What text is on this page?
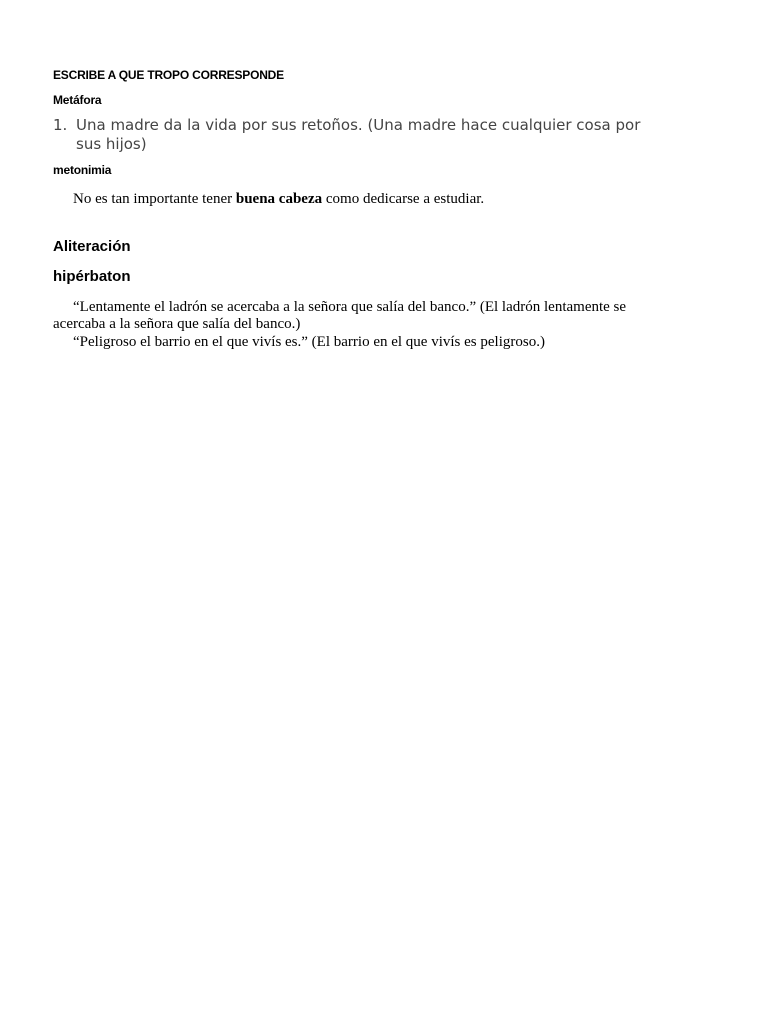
ESCRIBE A QUE TROPO CORRESPONDE

Metáfora

1. Una madre da la vida por sus retoños. (Una madre hace cualquier cosa por sus hijos)

metonimia

No es tan importante tener buena cabeza como dedicarse a estudiar.

Aliteración

hipérbaton

“Lentamente el ladrón se acercaba a la señora que salía del banco.” (El ladrón lentamente se acercaba a la señora que salía del banco.)

“Peligroso el barrio en el que vivís es.” (El barrio en el que vivís es peligroso.)
